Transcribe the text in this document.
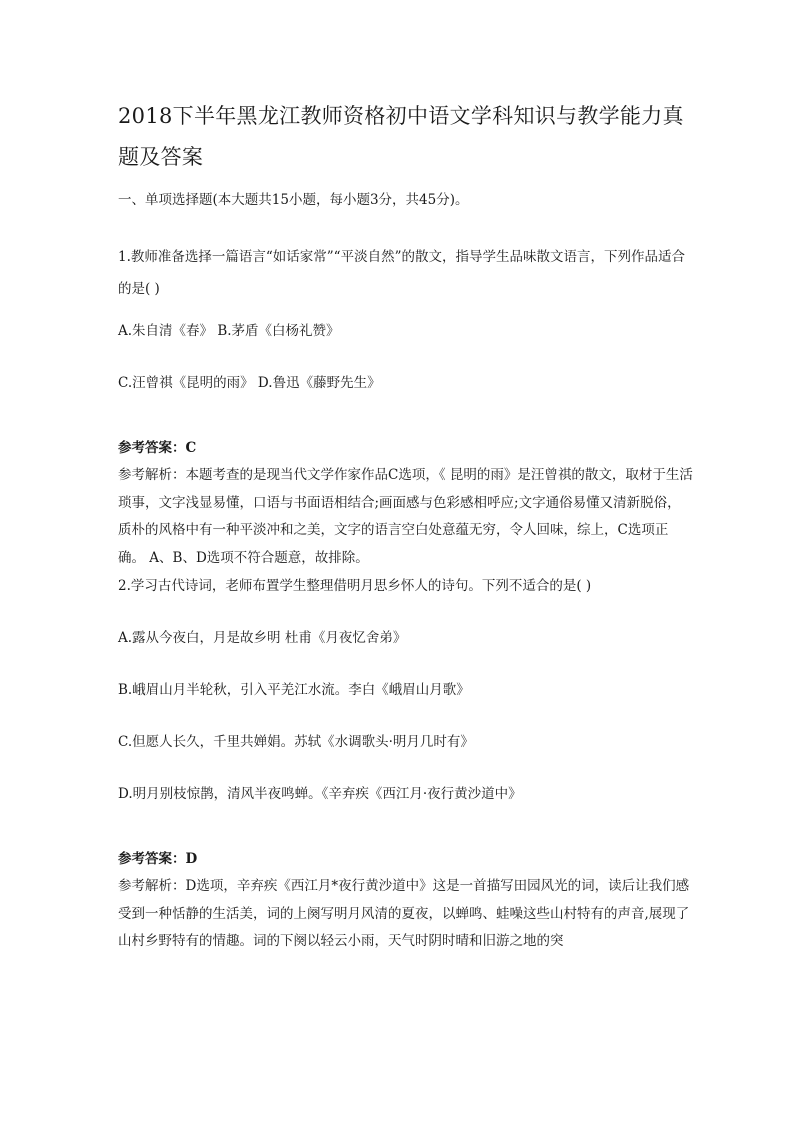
2018下半年黑龙江教师资格初中语文学科知识与教学能力真题及答案

一、单项选择题(本大题共15小题，每小题3分，共45分)。

1.教师准备选择一篇语言“如话家常”“平淡自然”的散文，指导学生品味散文语言，下列作品适合的是( )

A.朱自清《春》 B.茅盾《白杨礼赞》

C.汪曾祺《昆明的雨》 D.鲁迅《藤野先生》

参考答案：C

参考解析：本题考查的是现当代文学作家作品C选项，《 昆明的雨》是汪曾祺的散文，取材于生活琐事，文字浅显易懂，口语与书面语相结合;画面感与色彩感相呼应;文字通俗易懂又清新脱俗，质朴的风格中有一种平淡冲和之美，文字的语言空白处意蕴无穷，令人回味，综上，C选项正确。 A、B、D选项不符合题意，故排除。

2.学习古代诗词，老师布置学生整理借明月思乡怀人的诗句。下列不适合的是( )

A.露从今夜白，月是故乡明 杜甫《月夜忆舍弟》

B.峨眉山月半轮秋，引入平羌江水流。李白《峨眉山月歌》

C.但愿人长久，千里共婵娟。苏轼《水调歌头·明月几时有》

D.明月别枝惊鹊，清风半夜鸣蝉。《辛弃疾《西江月·夜行黄沙道中》

参考答案：D

参考解析：D选项，辛弃疾《西江月*夜行黄沙道中》这是一首描写田园风光的词，读后让我们感受到一种恬静的生活美，词的上阕写明月风清的夏夜，以蝉鸣、蛙噪这些山村特有的声音,展现了山村乡野特有的情趣。词的下阕以轻云小雨，天气时阴时晴和旧游之地的突
